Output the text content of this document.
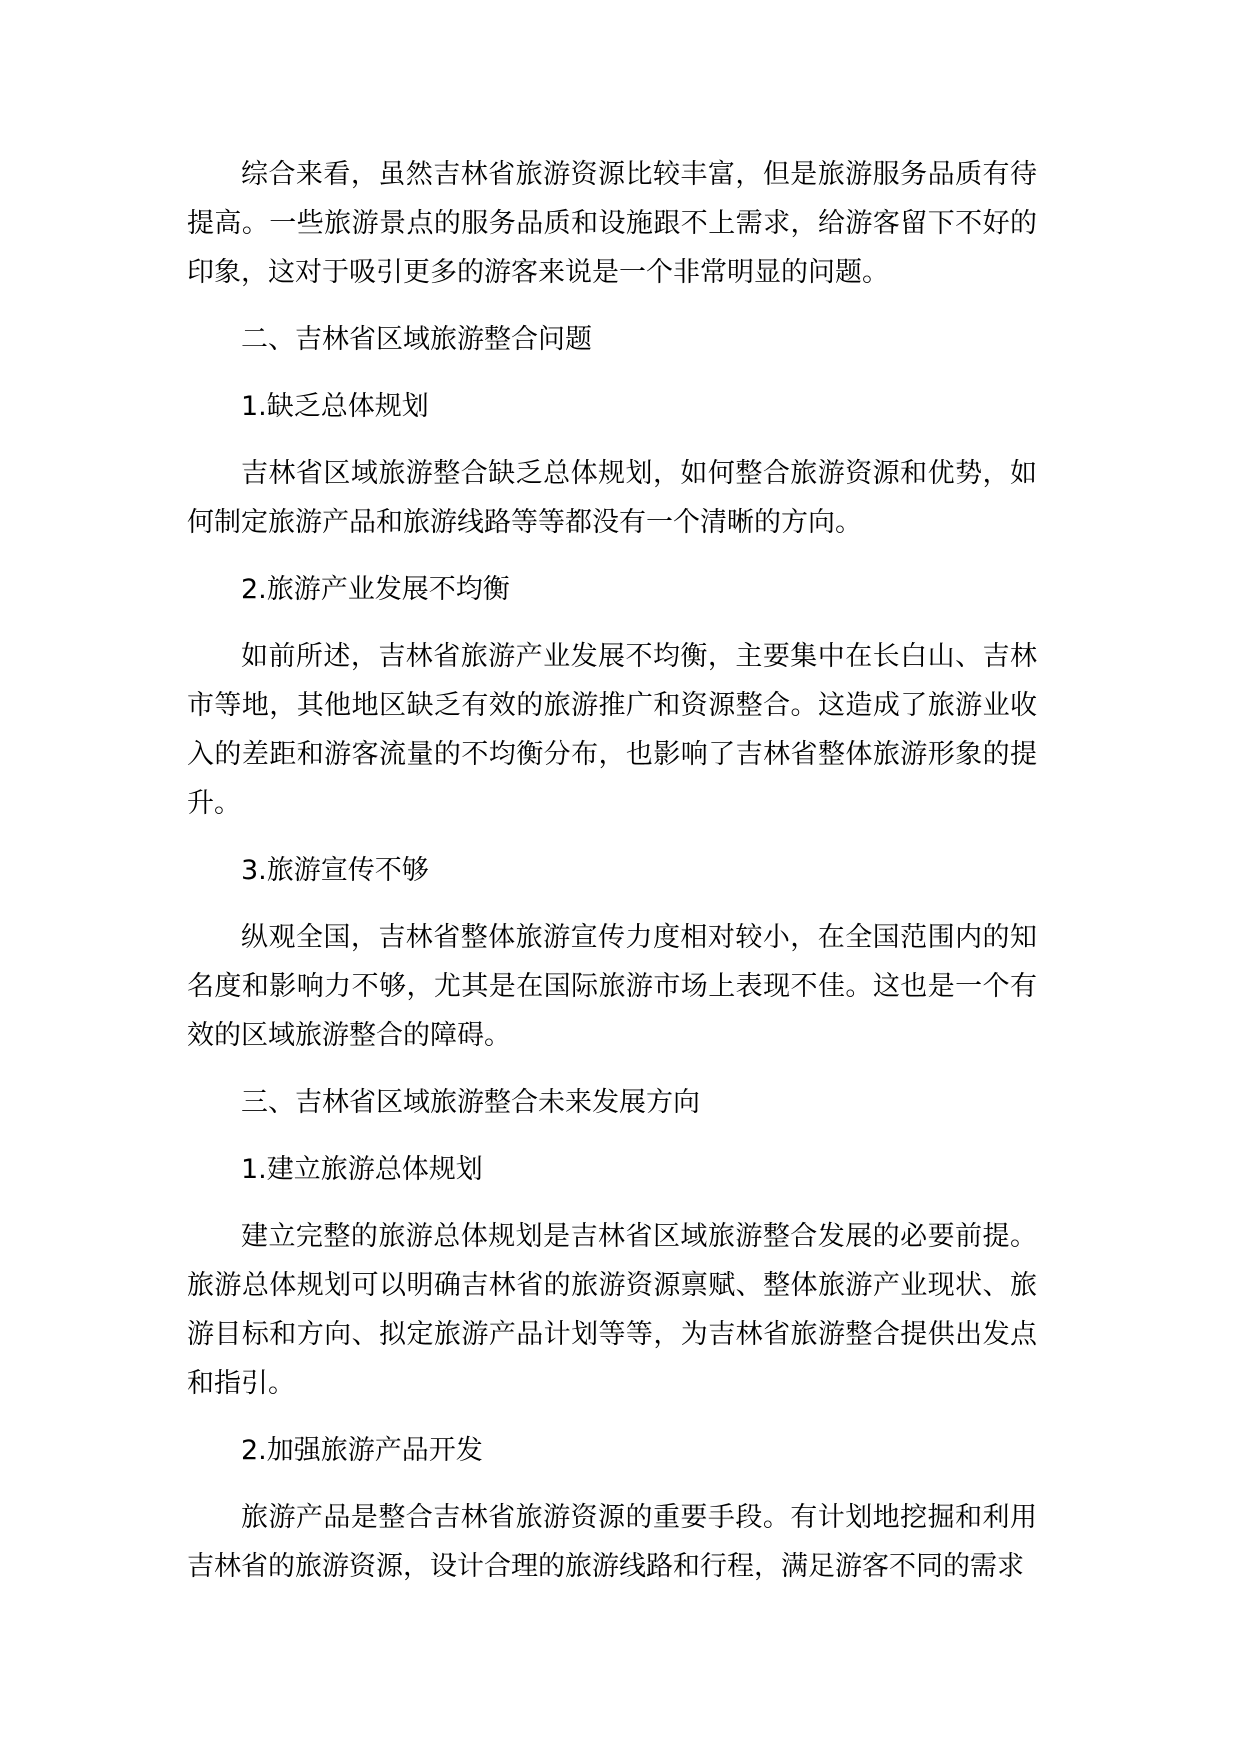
综合来看，虽然吉林省旅游资源比较丰富，但是旅游服务品质有待提高。一些旅游景点的服务品质和设施跟不上需求，给游客留下不好的印象，这对于吸引更多的游客来说是一个非常明显的问题。

二、吉林省区域旅游整合问题

1.缺乏总体规划

吉林省区域旅游整合缺乏总体规划，如何整合旅游资源和优势，如何制定旅游产品和旅游线路等等都没有一个清晰的方向。

2.旅游产业发展不均衡

如前所述，吉林省旅游产业发展不均衡，主要集中在长白山、吉林市等地，其他地区缺乏有效的旅游推广和资源整合。这造成了旅游业收入的差距和游客流量的不均衡分布，也影响了吉林省整体旅游形象的提升。

3.旅游宣传不够

纵观全国，吉林省整体旅游宣传力度相对较小，在全国范围内的知名度和影响力不够，尤其是在国际旅游市场上表现不佳。这也是一个有效的区域旅游整合的障碍。

三、吉林省区域旅游整合未来发展方向

1.建立旅游总体规划

建立完整的旅游总体规划是吉林省区域旅游整合发展的必要前提。旅游总体规划可以明确吉林省的旅游资源禀赋、整体旅游产业现状、旅游目标和方向、拟定旅游产品计划等等，为吉林省旅游整合提供出发点和指引。

2.加强旅游产品开发

旅游产品是整合吉林省旅游资源的重要手段。有计划地挖掘和利用吉林省的旅游资源，设计合理的旅游线路和行程，满足游客不同的需求
